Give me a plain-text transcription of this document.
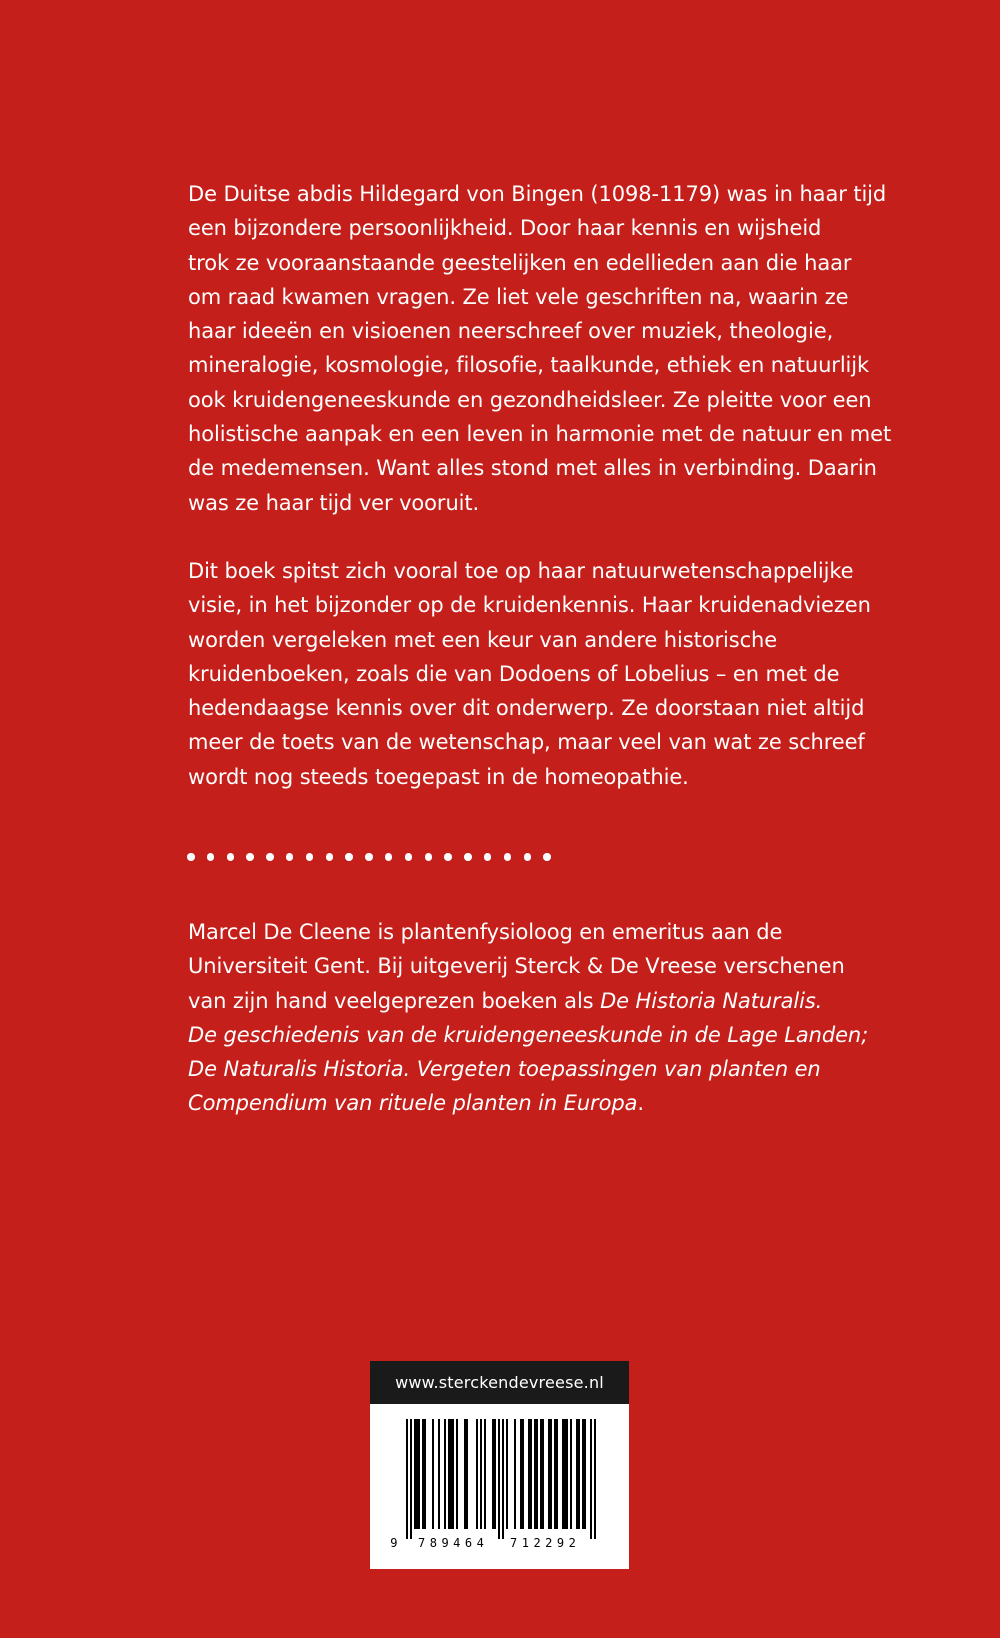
De Duitse abdis Hildegard von Bingen (1098-1179) was in haar tijd
een bijzondere persoonlijkheid. Door haar kennis en wijsheid
trok ze vooraanstaande geestelijken en edellieden aan die haar
om raad kwamen vragen. Ze liet vele geschriften na, waarin ze
haar ideeën en visioenen neerschreef over muziek, theologie,
mineralogie, kosmologie, filosofie, taalkunde, ethiek en natuurlijk
ook kruidengeneeskunde en gezondheidsleer. Ze pleitte voor een
holistische aanpak en een leven in harmonie met de natuur en met
de medemensen. Want alles stond met alles in verbinding. Daarin
was ze haar tijd ver vooruit.
Dit boek spitst zich vooral toe op haar natuurwetenschappelijke
visie, in het bijzonder op de kruidenkennis. Haar kruidenadviezen
worden vergeleken met een keur van andere historische
kruidenboeken, zoals die van Dodoens of Lobelius – en met de
hedendaagse kennis over dit onderwerp. Ze doorstaan niet altijd
meer de toets van de wetenschap, maar veel van wat ze schreef
wordt nog steeds toegepast in de homeopathie.
Marcel De Cleene is plantenfysioloog en emeritus aan de
Universiteit Gent. Bij uitgeverij Sterck & De Vreese verschenen
van zijn hand veelgeprezen boeken als De Historia Naturalis.
De geschiedenis van de kruidengeneeskunde in de Lage Landen;
De Naturalis Historia. Vergeten toepassingen van planten en
Compendium van rituele planten in Europa.
www.sterckendevreese.nl
9 789464 712292
